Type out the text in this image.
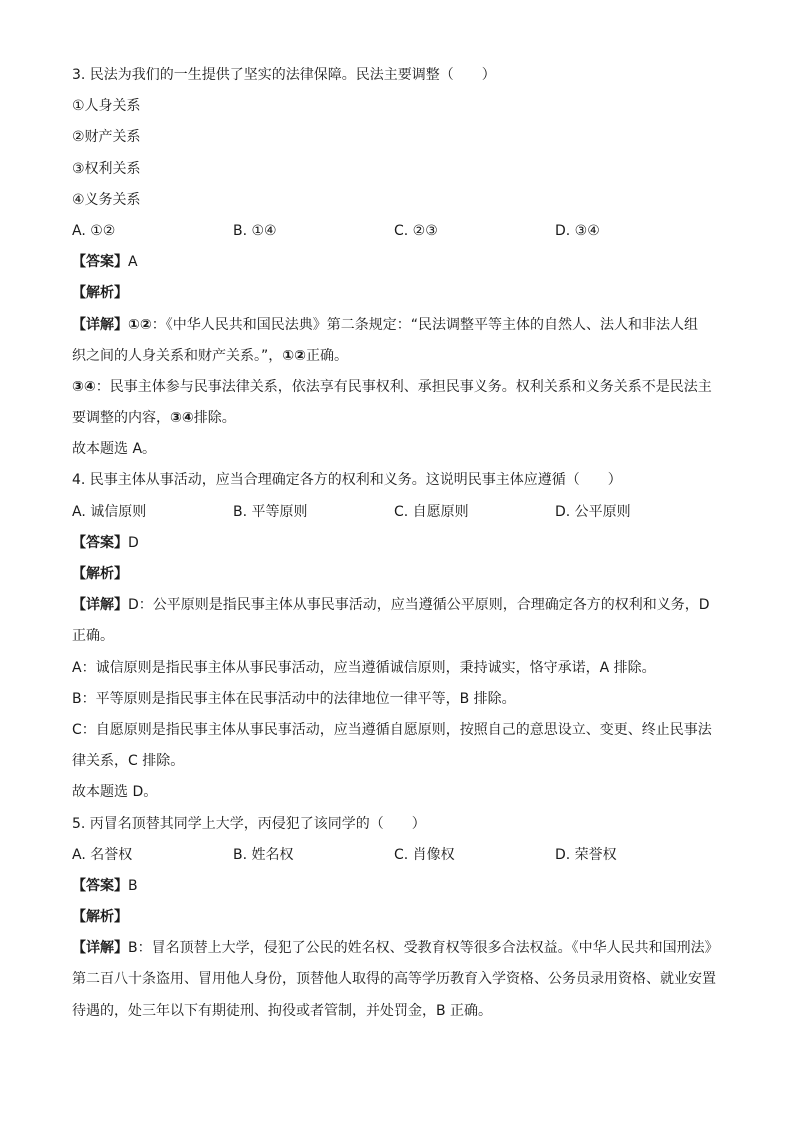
3. 民法为我们的一生提供了坚实的法律保障。民法主要调整（　　）
①人身关系
②财产关系
③权利关系
④义务关系
A. ①②	B. ①④	C. ②③	D. ③④
【答案】A
【解析】
【详解】①②：《中华人民共和国民法典》第二条规定：“民法调整平等主体的自然人、法人和非法人组
织之间的人身关系和财产关系。”，①②正确。
③④：民事主体参与民事法律关系，依法享有民事权利、承担民事义务。权利关系和义务关系不是民法主
要调整的内容，③④排除。
故本题选 A。
4. 民事主体从事活动，应当合理确定各方的权利和义务。这说明民事主体应遵循（　　）
A. 诚信原则	B. 平等原则	C. 自愿原则	D. 公平原则
【答案】D
【解析】
【详解】D：公平原则是指民事主体从事民事活动，应当遵循公平原则，合理确定各方的权利和义务，D
正确。
A：诚信原则是指民事主体从事民事活动，应当遵循诚信原则，秉持诚实，恪守承诺，A 排除。
B：平等原则是指民事主体在民事活动中的法律地位一律平等，B 排除。
C：自愿原则是指民事主体从事民事活动，应当遵循自愿原则，按照自己的意思设立、变更、终止民事法
律关系，C 排除。
故本题选 D。
5. 丙冒名顶替其同学上大学，丙侵犯了该同学的（　　）
A. 名誉权	B. 姓名权	C. 肖像权	D. 荣誉权
【答案】B
【解析】
【详解】B：冒名顶替上大学，侵犯了公民的姓名权、受教育权等很多合法权益。《中华人民共和国刑法》
第二百八十条盗用、冒用他人身份，顶替他人取得的高等学历教育入学资格、公务员录用资格、就业安置
待遇的，处三年以下有期徒刑、拘役或者管制，并处罚金，B 正确。
